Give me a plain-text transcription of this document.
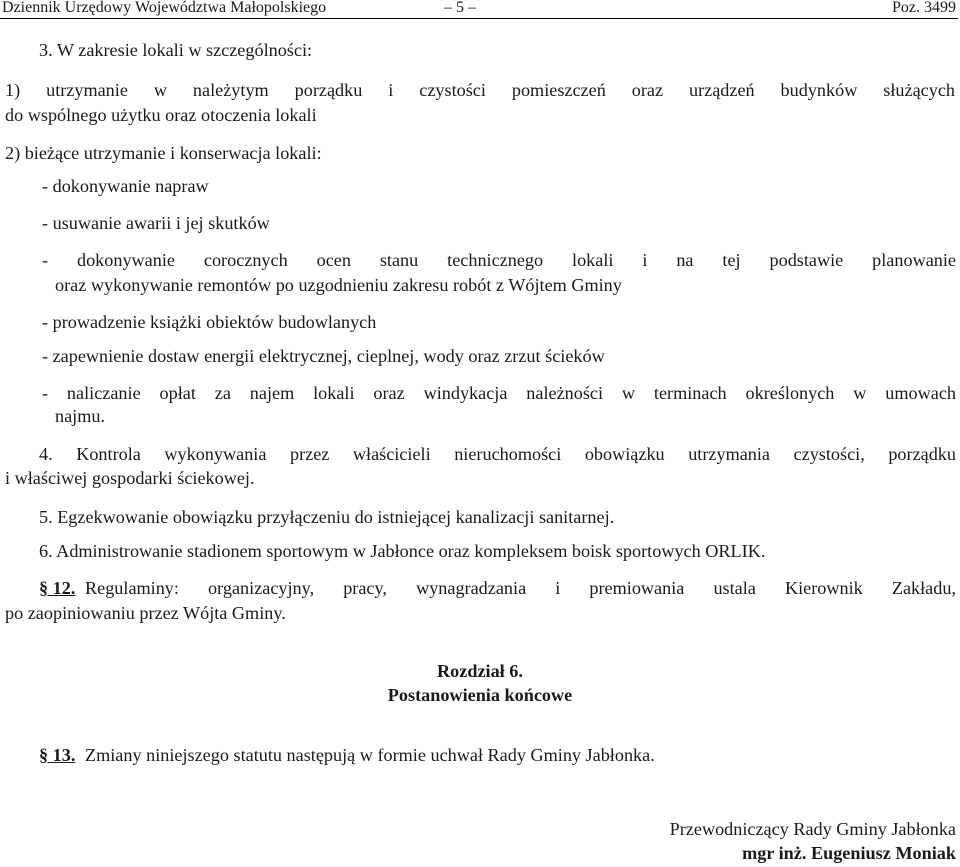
Dziennik Urzędowy Województwa Małopolskiego	– 5 –	Poz. 3499
3. W zakresie lokali w szczególności:
1) utrzymanie w należytym porządku i czystości pomieszczeń oraz urządzeń budynków służących
do wspólnego użytku oraz otoczenia lokali
2) bieżące utrzymanie i konserwacja lokali:
- dokonywanie napraw
- usuwanie awarii i jej skutków
- dokonywanie corocznych ocen stanu technicznego lokali i na tej podstawie planowanie
oraz wykonywanie remontów po uzgodnieniu zakresu robót z Wójtem Gminy
- prowadzenie książki obiektów budowlanych
- zapewnienie dostaw energii elektrycznej, cieplnej, wody oraz zrzut ścieków
- naliczanie opłat za najem lokali oraz windykacja należności w terminach określonych w umowach
najmu.
4. Kontrola wykonywania przez właścicieli nieruchomości obowiązku utrzymania czystości, porządku
i właściwej gospodarki ściekowej.
5. Egzekwowanie obowiązku przyłączeniu do istniejącej kanalizacji sanitarnej.
6. Administrowanie stadionem sportowym w Jabłonce oraz kompleksem boisk sportowych ORLIK.
§ 12. Regulaminy: organizacyjny, pracy, wynagradzania i premiowania ustala Kierownik Zakładu,
po zaopiniowaniu przez Wójta Gminy.
Rozdział 6.
Postanowienia końcowe
§ 13. Zmiany niniejszego statutu następują w formie uchwał Rady Gminy Jabłonka.
Przewodniczący Rady Gminy Jabłonka
mgr inż. Eugeniusz Moniak
